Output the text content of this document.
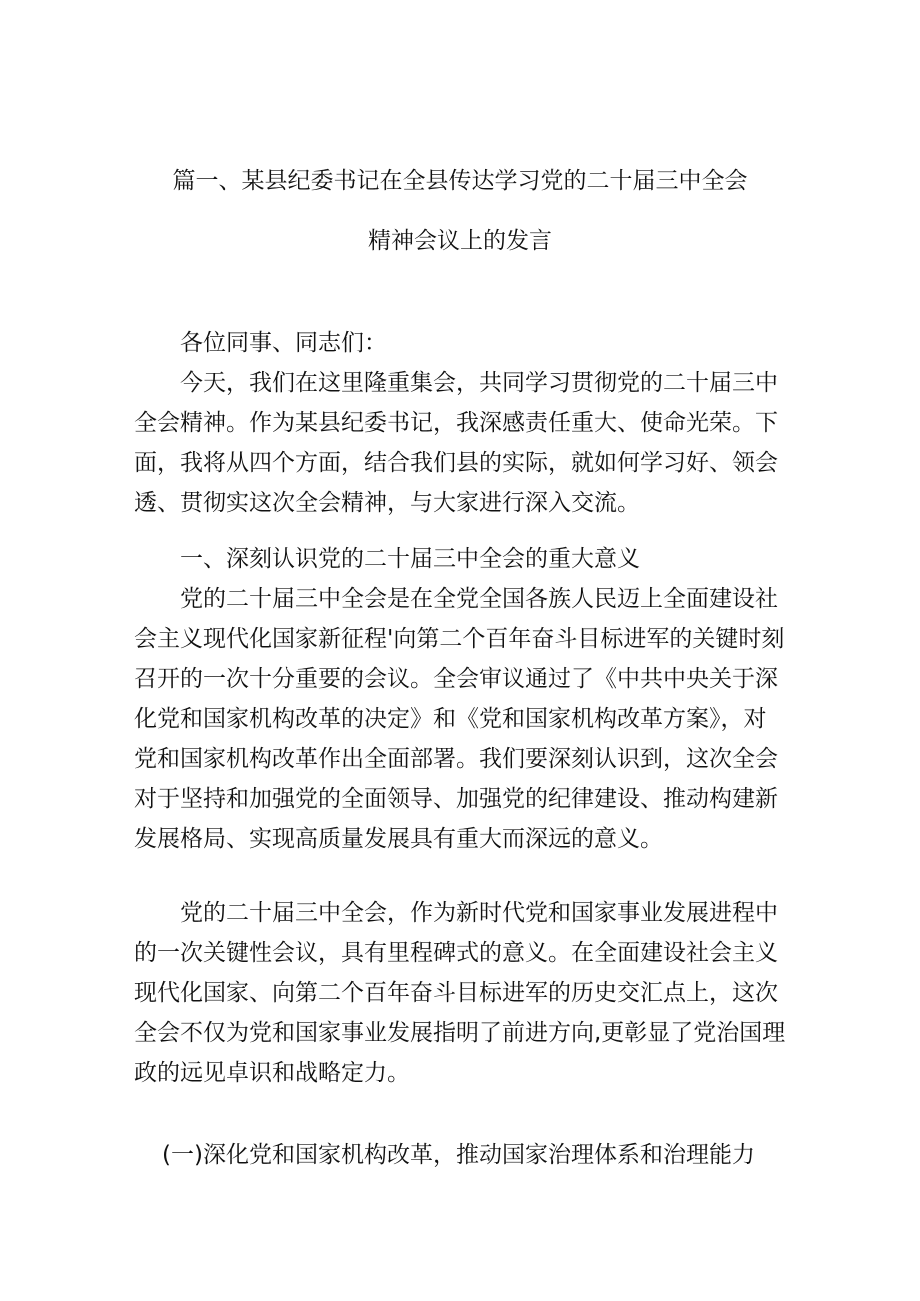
篇一、某县纪委书记在全县传达学习党的二十届三中全会
精神会议上的发言
各位同事、同志们：
今天，我们在这里隆重集会，共同学习贯彻党的二十届三中
全会精神。作为某县纪委书记，我深感责任重大、使命光荣。下
面，我将从四个方面，结合我们县的实际，就如何学习好、领会
透、贯彻实这次全会精神，与大家进行深入交流。
一、深刻认识党的二十届三中全会的重大意义
党的二十届三中全会是在全党全国各族人民迈上全面建设社
会主义现代化国家新征程'向第二个百年奋斗目标进军的关键时刻
召开的一次十分重要的会议。全会审议通过了《中共中央关于深
化党和国家机构改革的决定》和《党和国家机构改革方案》，对
党和国家机构改革作出全面部署。我们要深刻认识到，这次全会
对于坚持和加强党的全面领导、加强党的纪律建设、推动构建新
发展格局、实现高质量发展具有重大而深远的意义。
党的二十届三中全会，作为新时代党和国家事业发展进程中
的一次关键性会议，具有里程碑式的意义。在全面建设社会主义
现代化国家、向第二个百年奋斗目标进军的历史交汇点上，这次
全会不仅为党和国家事业发展指明了前进方向,更彰显了党治国理
政的远见卓识和战略定力。
(一)深化党和国家机构改革，推动国家治理体系和治理能力
